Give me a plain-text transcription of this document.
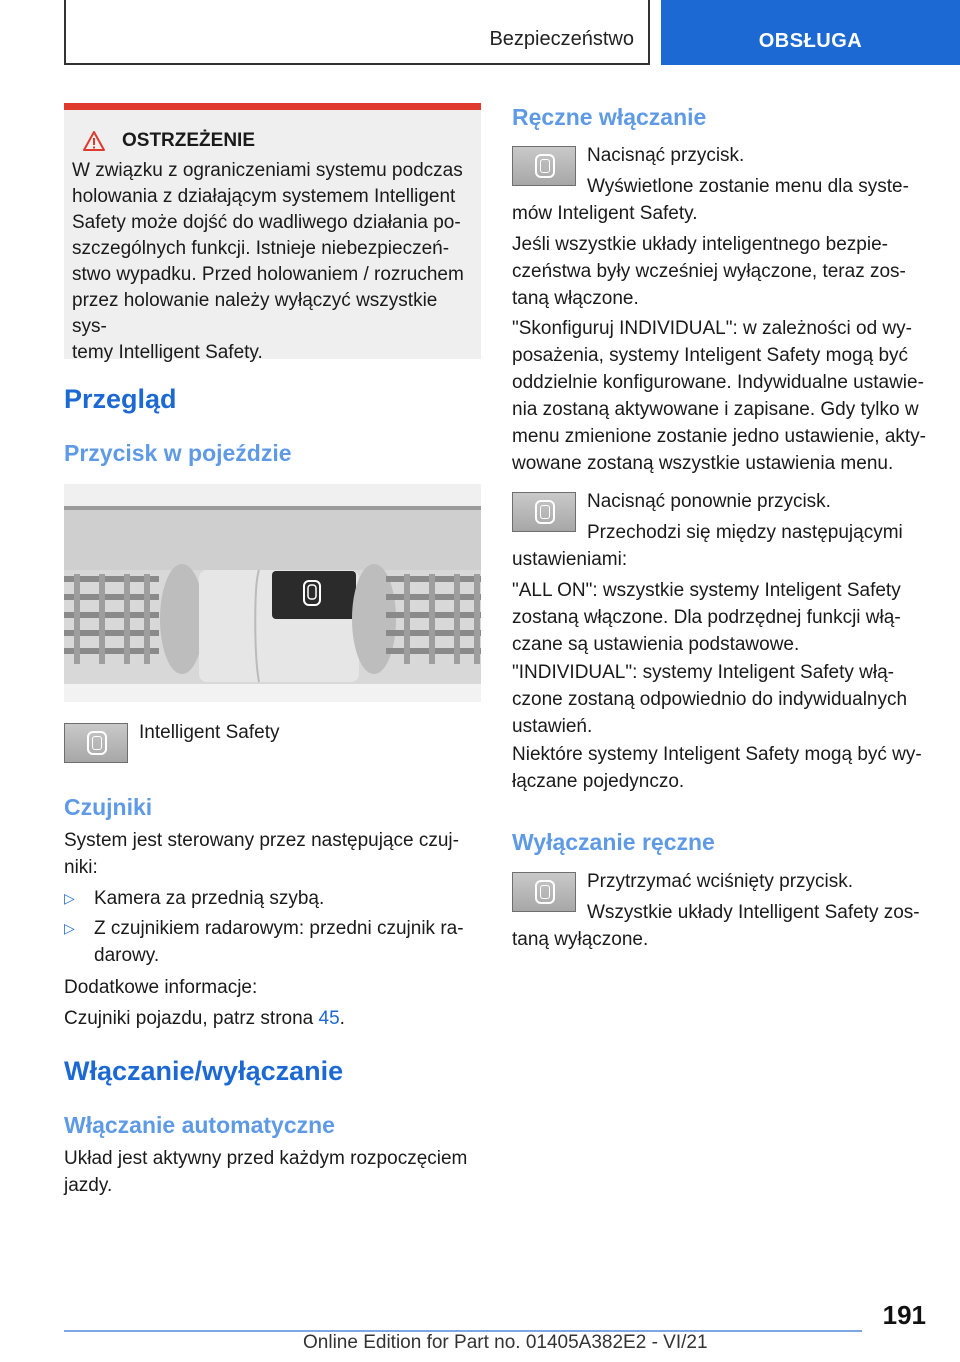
Bezpieczeństwo	OBSŁUGA
OSTRZEŻENIE
W związku z ograniczeniami systemu podczas
holowania z działającym systemem Intelligent
Safety może dojść do wadliwego działania po-
szczególnych funkcji. Istnieje niebezpieczeń-
stwo wypadku. Przed holowaniem / rozruchem
przez holowanie należy wyłączyć wszystkie sys-
temy Intelligent Safety.
Przegląd
Przycisk w pojeździe

Intelligent Safety

Czujniki

System jest sterowany przez następujące czuj-

niki:

▷	Kamera za przednią szybą.

▷	Z czujnikiem radarowym: przedni czujnik ra-

darowy.

Dodatkowe informacje:

Czujniki pojazdu, patrz strona 45.

Włączanie/wyłączanie
Włączanie automatyczne

Układ jest aktywny przed każdym rozpoczęciem

jazdy.

Ręczne włączanie

Nacisnąć przycisk.

Wyświetlone zostanie menu dla syste-

mów Inteligent Safety.

Jeśli wszystkie układy inteligentnego bezpie-

czeństwa były wcześniej wyłączone, teraz zos-

taną włączone.

"Skonfiguruj INDIVIDUAL": w zależności od wy-

posażenia, systemy Inteligent Safety mogą być

oddzielnie konfigurowane. Indywidualne ustawie-

nia zostaną aktywowane i zapisane. Gdy tylko w

menu zmienione zostanie jedno ustawienie, akty-

wowane zostaną wszystkie ustawienia menu.

Nacisnąć ponownie przycisk.

Przechodzi się między następującymi

ustawieniami:

"ALL ON": wszystkie systemy Inteligent Safety

zostaną włączone. Dla podrzędnej funkcji włą-

czane są ustawienia podstawowe.

"INDIVIDUAL": systemy Inteligent Safety włą-

czone zostaną odpowiednio do indywidualnych

ustawień.

Niektóre systemy Inteligent Safety mogą być wy-

łączane pojedynczo.

Wyłączanie ręczne

Przytrzymać wciśnięty przycisk.

Wszystkie układy Intelligent Safety zos-

taną wyłączone.

191
Online Edition for Part no. 01405A382E2 - VI/21
